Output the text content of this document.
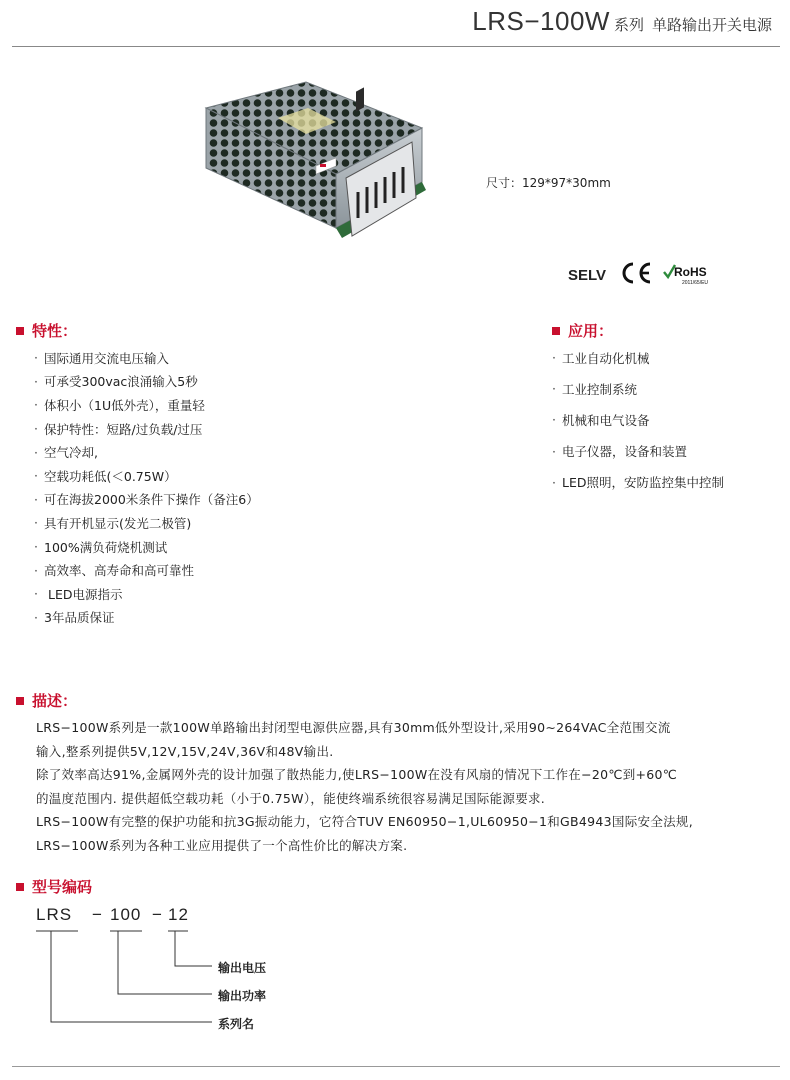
LRS−100W 系列 单路输出开关电源
尺寸：129*97*30mm
SELV	RoHS
2011/65/EU
特性：
· 国际通用交流电压输入
· 可承受300vac浪涌输入5秒
· 体积小（1U低外壳），重量轻
· 保护特性：短路/过负载/过压
· 空气冷却,
· 空载功耗低(＜0.75W）
· 可在海拔2000米条件下操作（备注6）
· 具有开机显示(发光二极管)
· 100%满负荷烧机测试
· 高效率、高寿命和高可靠性
· LED电源指示
· 3年品质保证
应用：
· 工业自动化机械
· 工业控制系统
· 机械和电气设备
· 电子仪器，设备和装置
· LED照明，安防监控集中控制
描述：

LRS−100W系列是一款100W单路输出封闭型电源供应器,具有30mm低外型设计,采用90∼264VAC全范围交流

输入,整系列提供5V,12V,15V,24V,36V和48V输出.

除了效率高达91%,金属网外壳的设计加强了散热能力,使LRS−100W在没有风扇的情况下工作在−20℃到+60℃

的温度范围内. 提供超低空载功耗（小于0.75W），能使终端系统很容易满足国际能源要求.

LRS−100W有完整的保护功能和抗3G振动能力，它符合TUV EN60950−1,UL60950−1和GB4943国际安全法规,

LRS−100W系列为各种工业应用提供了一个高性价比的解决方案.

型号编码
LRS − 100 − 12
输出电压
输出功率
系列名
